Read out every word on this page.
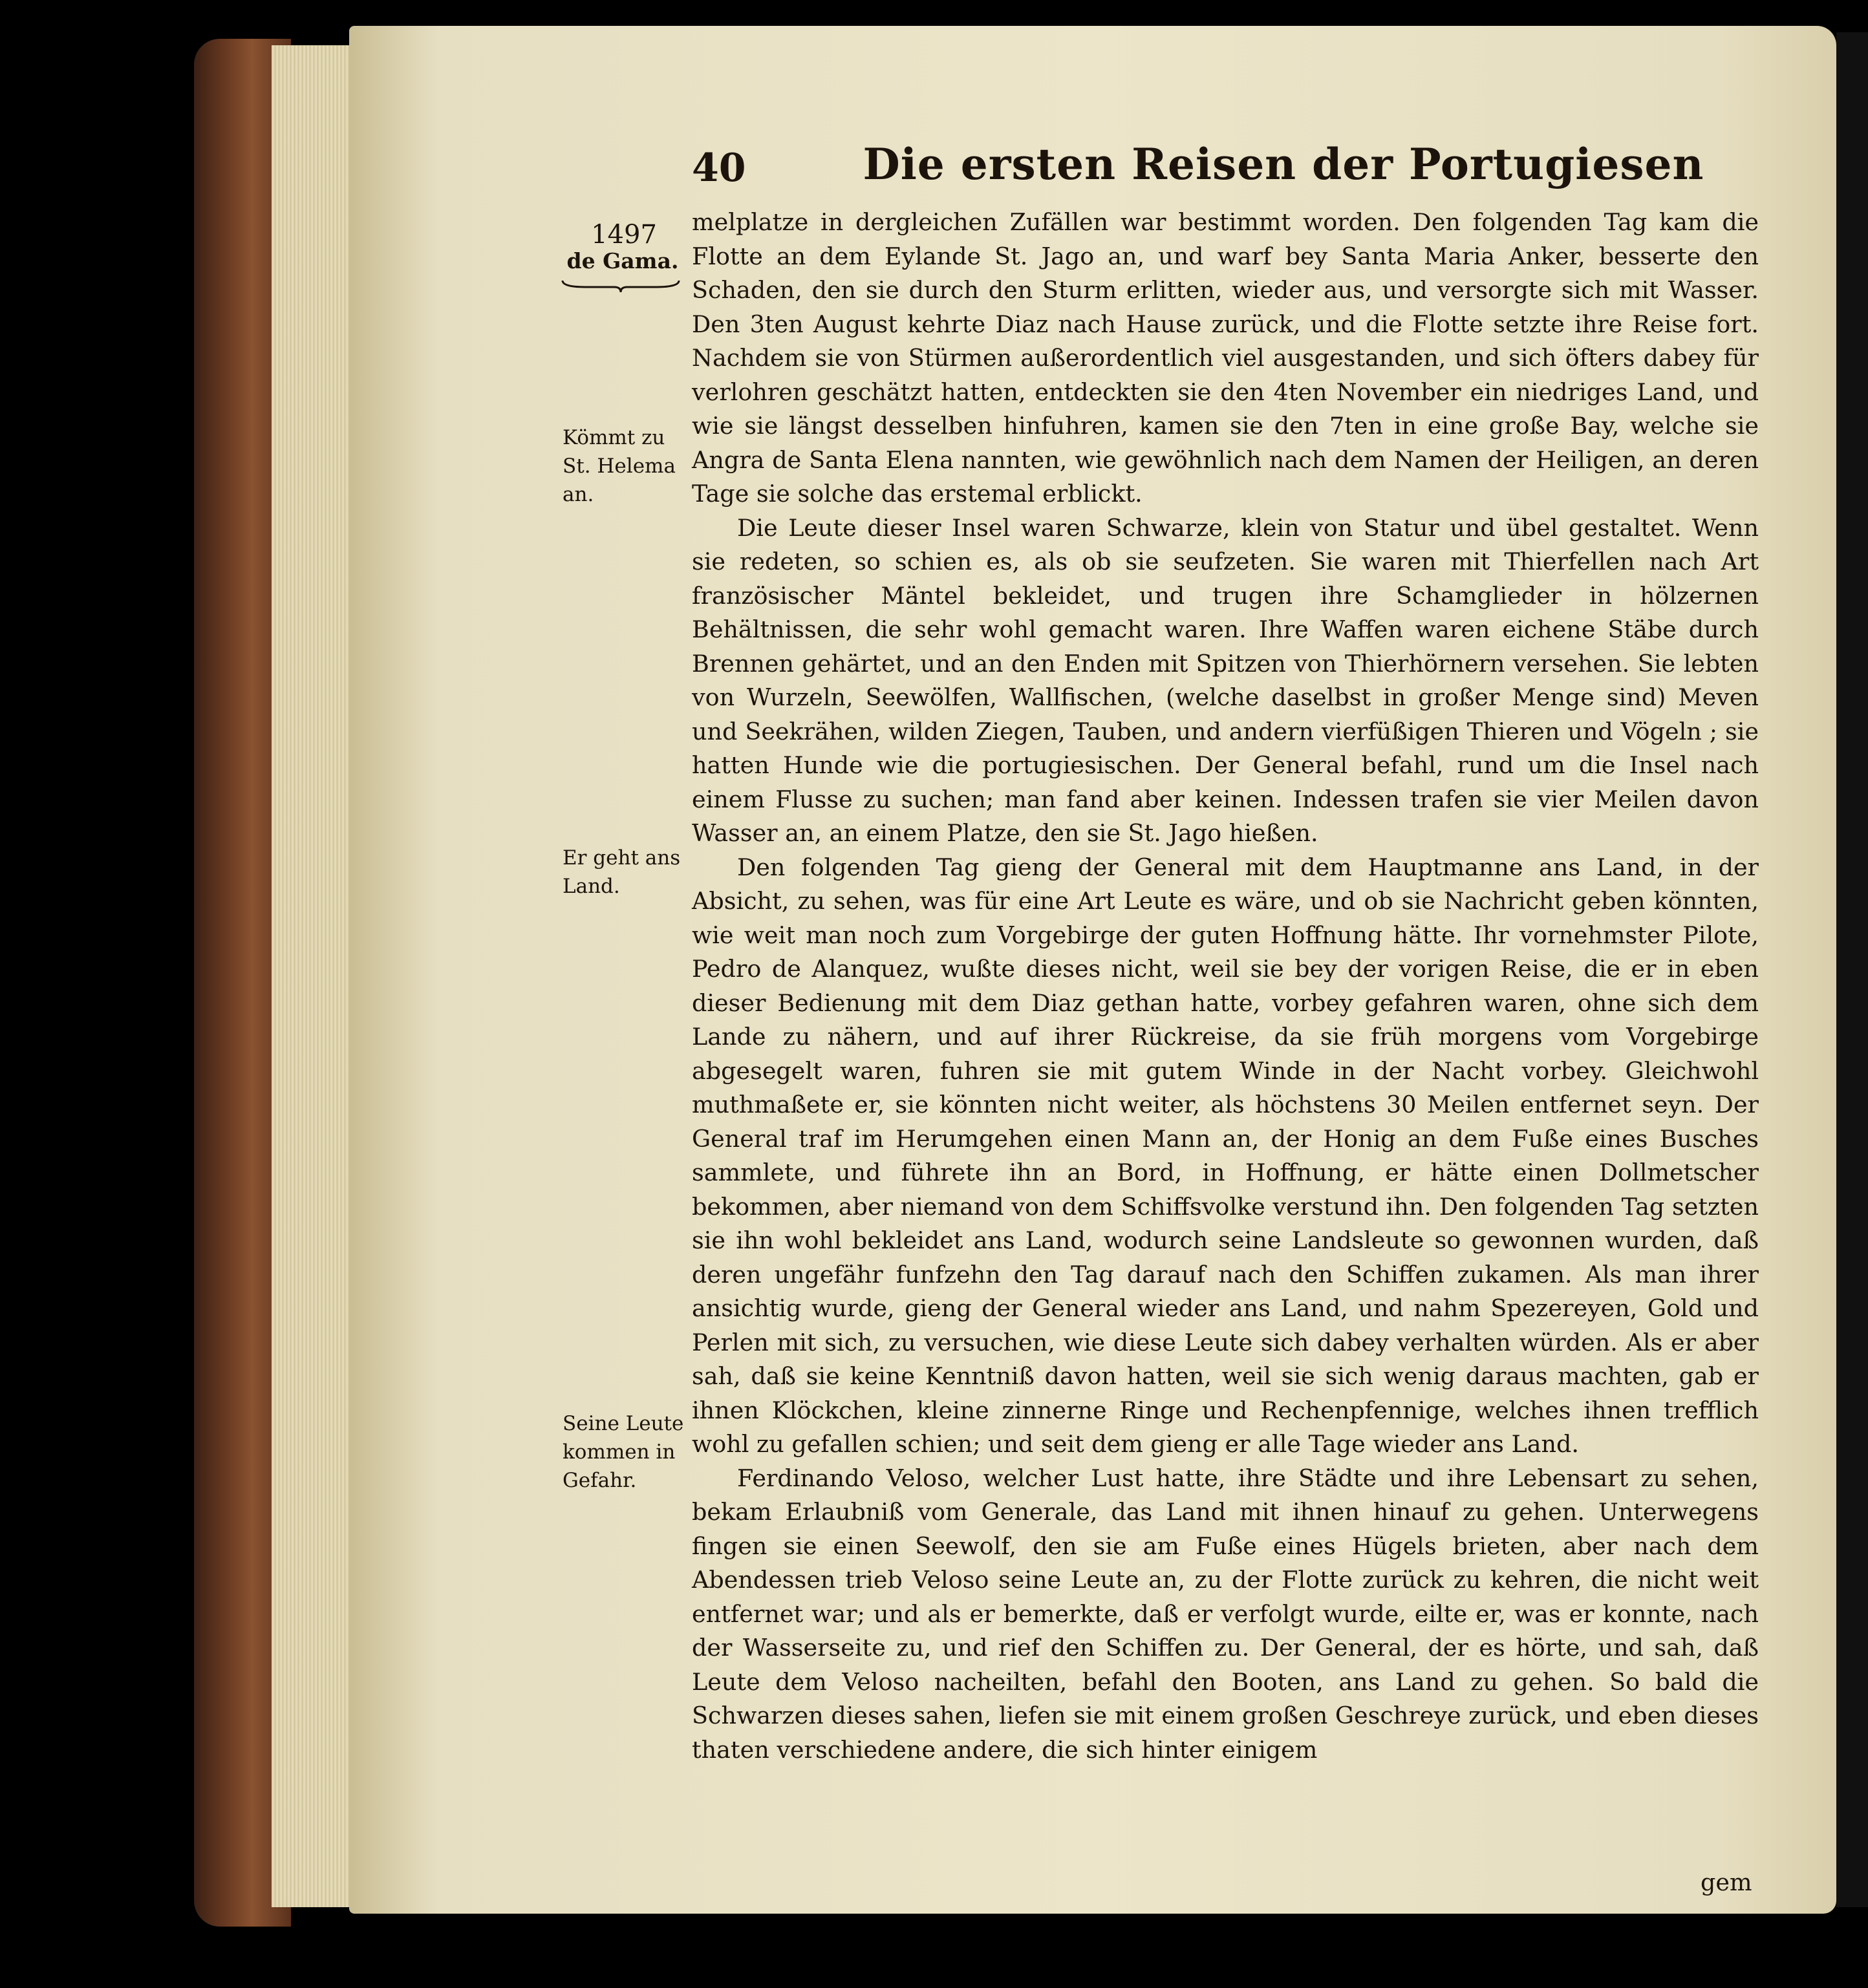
40	Die ersten Reisen der Portugiesen
1497
de Gama.
Kömmt zu St. Helema an.
Er geht ans Land.
Seine Leute kommen in Gefahr.

melplatze in dergleichen Zufällen war bestimmt worden. Den folgenden Tag kam die Flotte an dem Eylande St. Jago an, und warf bey Santa Maria Anker, besserte den Schaden, den sie durch den Sturm erlitten, wieder aus, und versorgte sich mit Wasser. Den 3ten August kehrte Diaz nach Hause zurück, und die Flotte setzte ihre Reise fort. Nachdem sie von Stürmen außerordentlich viel ausgestanden, und sich öfters dabey für verlohren geschätzt hatten, entdeckten sie den 4ten November ein niedriges Land, und wie sie längst desselben hinfuhren, kamen sie den 7ten in eine große Bay, welche sie Angra de Santa Elena nannten, wie gewöhnlich nach dem Namen der Heiligen, an deren Tage sie solche das erstemal erblickt.

Die Leute dieser Insel waren Schwarze, klein von Statur und übel gestaltet. Wenn sie redeten, so schien es, als ob sie seufzeten. Sie waren mit Thierfellen nach Art französischer Mäntel bekleidet, und trugen ihre Schamglieder in hölzernen Behältnissen, die sehr wohl gemacht waren. Ihre Waffen waren eichene Stäbe durch Brennen gehärtet, und an den Enden mit Spitzen von Thierhörnern versehen. Sie lebten von Wurzeln, Seewölfen, Wallfischen, (welche daselbst in großer Menge sind) Meven und Seekrähen, wilden Ziegen, Tauben, und andern vierfüßigen Thieren und Vögeln ; sie hatten Hunde wie die portugiesischen. Der General befahl, rund um die Insel nach einem Flusse zu suchen; man fand aber keinen. Indessen trafen sie vier Meilen davon Wasser an, an einem Platze, den sie St. Jago hießen.

Den folgenden Tag gieng der General mit dem Hauptmanne ans Land, in der Absicht, zu sehen, was für eine Art Leute es wäre, und ob sie Nachricht geben könnten, wie weit man noch zum Vorgebirge der guten Hoffnung hätte. Ihr vornehmster Pilote, Pedro de Alanquez, wußte dieses nicht, weil sie bey der vorigen Reise, die er in eben dieser Bedienung mit dem Diaz gethan hatte, vorbey gefahren waren, ohne sich dem Lande zu nähern, und auf ihrer Rückreise, da sie früh morgens vom Vorgebirge abgesegelt waren, fuhren sie mit gutem Winde in der Nacht vorbey. Gleichwohl muthmaßete er, sie könnten nicht weiter, als höchstens 30 Meilen entfernet seyn. Der General traf im Herumgehen einen Mann an, der Honig an dem Fuße eines Busches sammlete, und führete ihn an Bord, in Hoffnung, er hätte einen Dollmetscher bekommen, aber niemand von dem Schiffsvolke verstund ihn. Den folgenden Tag setzten sie ihn wohl bekleidet ans Land, wodurch seine Landsleute so gewonnen wurden, daß deren ungefähr funfzehn den Tag darauf nach den Schiffen zukamen. Als man ihrer ansichtig wurde, gieng der General wieder ans Land, und nahm Spezereyen, Gold und Perlen mit sich, zu versuchen, wie diese Leute sich dabey verhalten würden. Als er aber sah, daß sie keine Kenntniß davon hatten, weil sie sich wenig daraus machten, gab er ihnen Klöckchen, kleine zinnerne Ringe und Rechenpfennige, welches ihnen trefflich wohl zu gefallen schien; und seit dem gieng er alle Tage wieder ans Land.

Ferdinando Veloso, welcher Lust hatte, ihre Städte und ihre Lebensart zu sehen, bekam Erlaubniß vom Generale, das Land mit ihnen hinauf zu gehen. Unterwegens fingen sie einen Seewolf, den sie am Fuße eines Hügels brieten, aber nach dem Abendessen trieb Veloso seine Leute an, zu der Flotte zurück zu kehren, die nicht weit entfernet war; und als er bemerkte, daß er verfolgt wurde, eilte er, was er konnte, nach der Wasserseite zu, und rief den Schiffen zu. Der General, der es hörte, und sah, daß Leute dem Veloso nacheilten, befahl den Booten, ans Land zu gehen. So bald die Schwarzen dieses sahen, liefen sie mit einem großen Geschreye zurück, und eben dieses thaten verschiedene andere, die sich hinter einigem

gem
